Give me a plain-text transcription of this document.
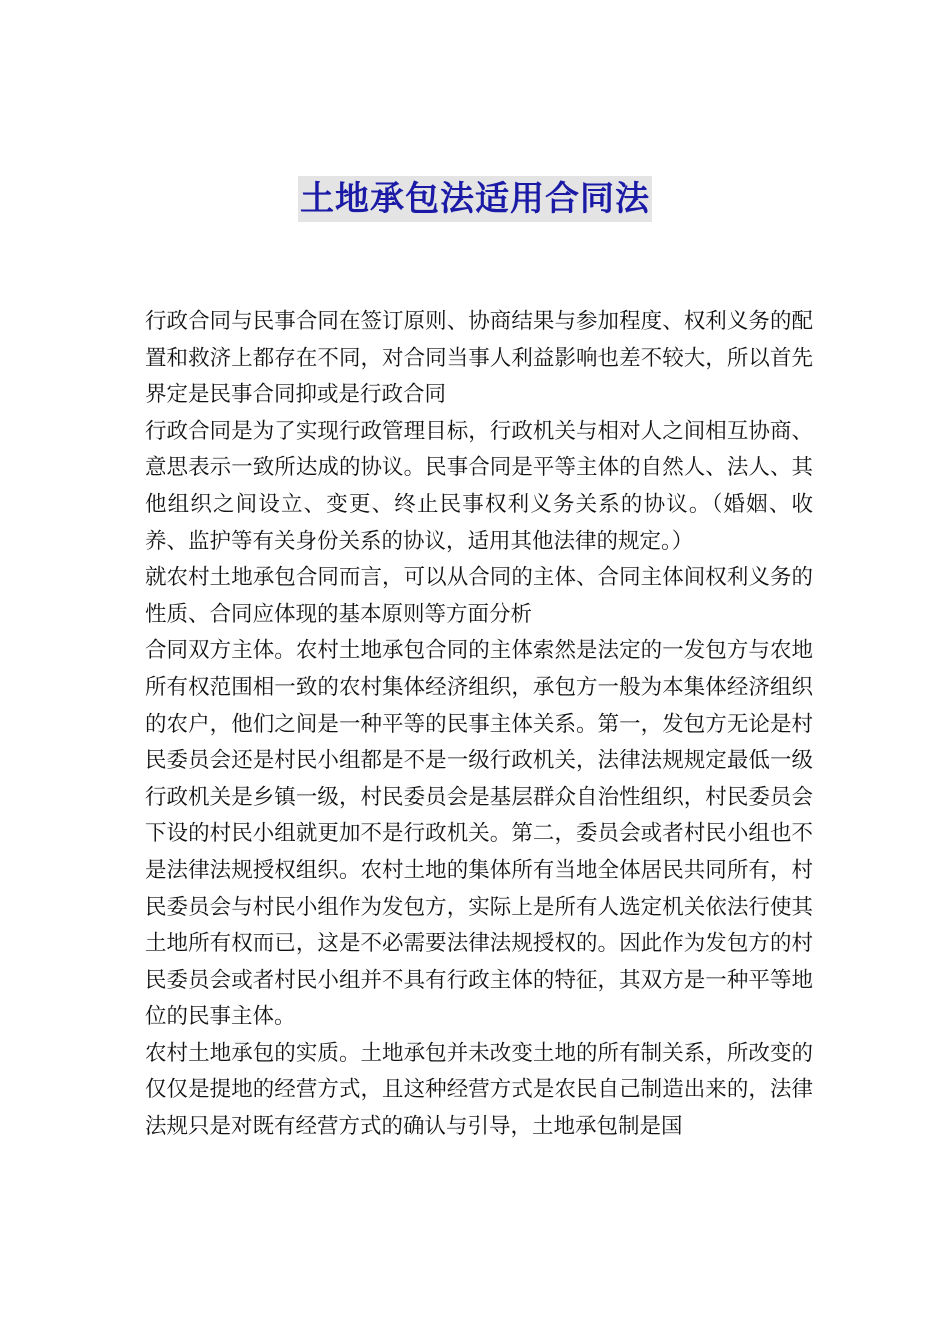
土地承包法适用合同法

行政合同与民事合同在签订原则、协商结果与参加程度、权利义务的配置和救济上都存在不同，对合同当事人利益影响也差不较大，所以首先界定是民事合同抑或是行政合同

行政合同是为了实现行政管理目标，行政机关与相对人之间相互协商、意思表示一致所达成的协议。民事合同是平等主体的自然人、法人、其他组织之间设立、变更、终止民事权利义务关系的协议。（婚姻、收养、监护等有关身份关系的协议，适用其他法律的规定。）

就农村土地承包合同而言，可以从合同的主体、合同主体间权利义务的性质、合同应体现的基本原则等方面分析

合同双方主体。农村土地承包合同的主体索然是法定的一发包方与农地所有权范围相一致的农村集体经济组织，承包方一般为本集体经济组织的农户，他们之间是一种平等的民事主体关系。第一，发包方无论是村民委员会还是村民小组都是不是一级行政机关，法律法规规定最低一级行政机关是乡镇一级，村民委员会是基层群众自治性组织，村民委员会下设的村民小组就更加不是行政机关。第二，委员会或者村民小组也不是法律法规授权组织。农村土地的集体所有当地全体居民共同所有，村民委员会与村民小组作为发包方，实际上是所有人选定机关依法行使其土地所有权而已，这是不必需要法律法规授权的。因此作为发包方的村民委员会或者村民小组并不具有行政主体的特征，其双方是一种平等地位的民事主体。

农村土地承包的实质。土地承包并未改变土地的所有制关系，所改变的仅仅是提地的经营方式，且这种经营方式是农民自己制造出来的，法律法规只是对既有经营方式的确认与引导，土地承包制是国
